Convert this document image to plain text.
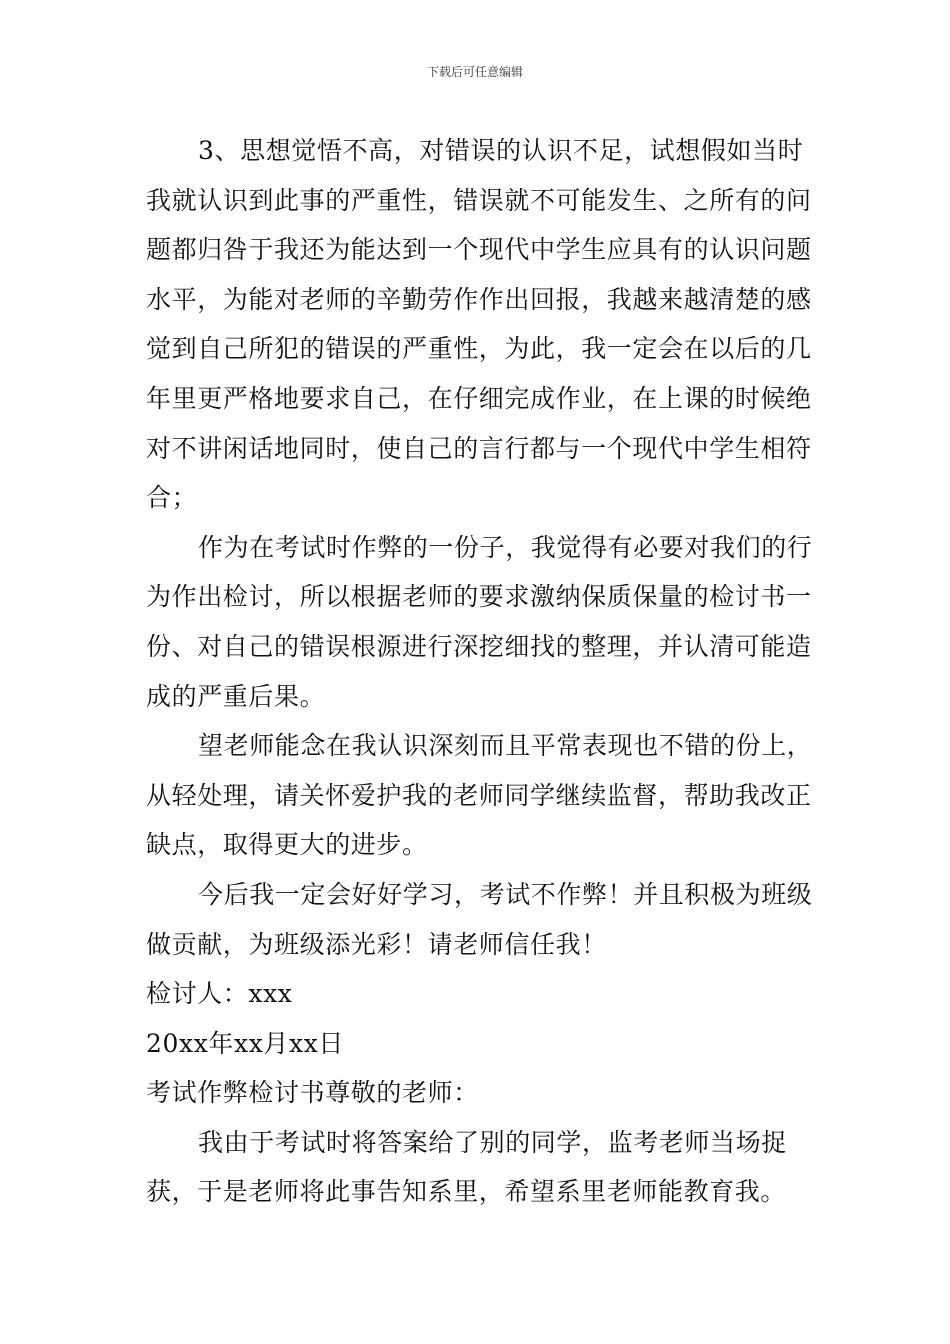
下载后可任意编辑

3、思想觉悟不高，对错误的认识不足，试想假如当时我就认识到此事的严重性，错误就不可能发生、之所有的问题都归咎于我还为能达到一个现代中学生应具有的认识问题水平，为能对老师的辛勤劳作作出回报，我越来越清楚的感觉到自己所犯的错误的严重性，为此，我一定会在以后的几年里更严格地要求自己，在仔细完成作业，在上课的时候绝对不讲闲话地同时，使自己的言行都与一个现代中学生相符合；

作为在考试时作弊的一份子，我觉得有必要对我们的行为作出检讨，所以根据老师的要求激纳保质保量的检讨书一份、对自己的错误根源进行深挖细找的整理，并认清可能造成的严重后果。

望老师能念在我认识深刻而且平常表现也不错的份上，从轻处理，请关怀爱护我的老师同学继续监督，帮助我改正缺点，取得更大的进步。

今后我一定会好好学习，考试不作弊！并且积极为班级做贡献，为班级添光彩！请老师信任我！

检讨人：xxx

20xx年xx月xx日

考试作弊检讨书尊敬的老师：

我由于考试时将答案给了别的同学，监考老师当场捉获，于是老师将此事告知系里，希望系里老师能教育我。
